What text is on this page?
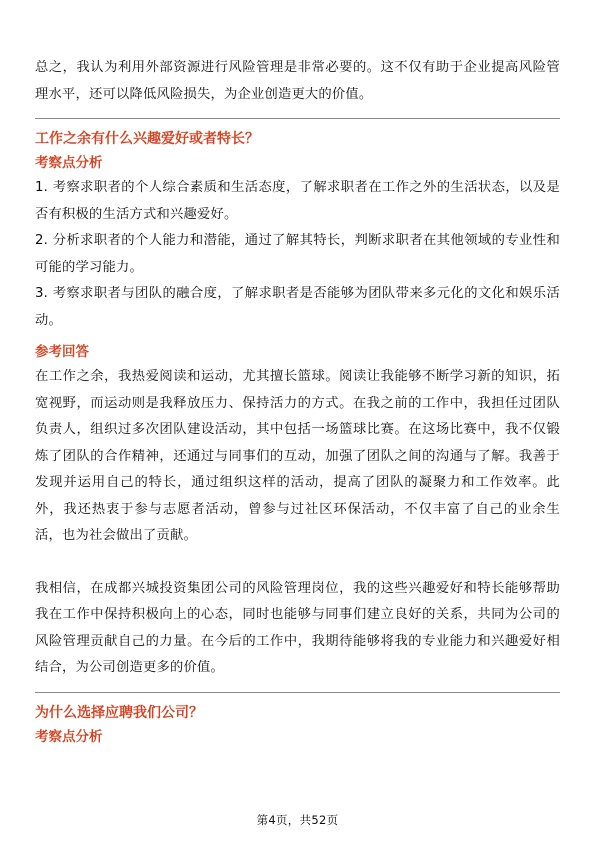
总之，我认为利用外部资源进行风险管理是非常必要的。这不仅有助于企业提高风险管理水平，还可以降低风险损失，为企业创造更大的价值。

工作之余有什么兴趣爱好或者特长？

考察点分析

1. 考察求职者的个人综合素质和生活态度，了解求职者在工作之外的生活状态，以及是否有积极的生活方式和兴趣爱好。

2. 分析求职者的个人能力和潜能，通过了解其特长，判断求职者在其他领域的专业性和可能的学习能力。

3. 考察求职者与团队的融合度，了解求职者是否能够为团队带来多元化的文化和娱乐活动。

参考回答

在工作之余，我热爱阅读和运动，尤其擅长篮球。阅读让我能够不断学习新的知识，拓宽视野，而运动则是我释放压力、保持活力的方式。在我之前的工作中，我担任过团队负责人，组织过多次团队建设活动，其中包括一场篮球比赛。在这场比赛中，我不仅锻炼了团队的合作精神，还通过与同事们的互动，加强了团队之间的沟通与了解。我善于发现并运用自己的特长，通过组织这样的活动，提高了团队的凝聚力和工作效率。此外，我还热衷于参与志愿者活动，曾参与过社区环保活动，不仅丰富了自己的业余生活，也为社会做出了贡献。

我相信，在成都兴城投资集团公司的风险管理岗位，我的这些兴趣爱好和特长能够帮助我在工作中保持积极向上的心态，同时也能够与同事们建立良好的关系，共同为公司的风险管理贡献自己的力量。在今后的工作中，我期待能够将我的专业能力和兴趣爱好相结合，为公司创造更多的价值。

为什么选择应聘我们公司？

考察点分析

第4页，共52页
